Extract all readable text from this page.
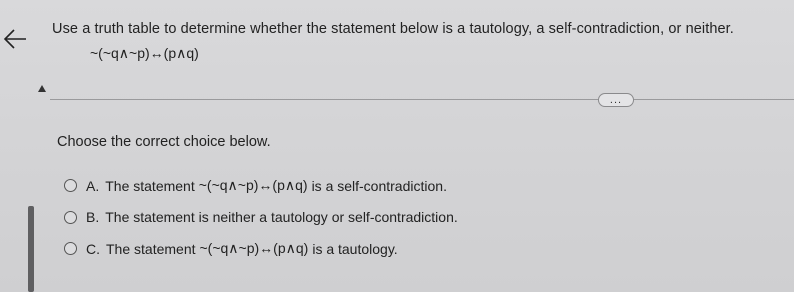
Use a truth table to determine whether the statement below is a tautology, a self-contradiction, or neither.
~(~q∧~p)↔(p∧q)
...
Choose the correct choice below.
A. The statement ~(~q∧~p)↔(p∧q) is a self-contradiction.
B. The statement is neither a tautology or self-contradiction.
C. The statement ~(~q∧~p)↔(p∧q) is a tautology.
